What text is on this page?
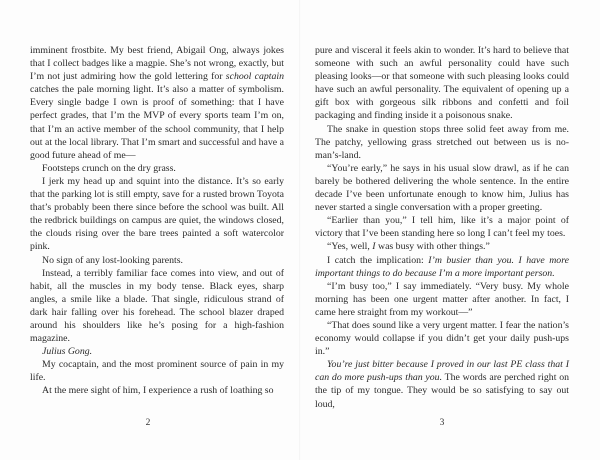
imminent frostbite. My best friend, Abigail Ong, always jokes that I collect badges like a magpie. She’s not wrong, exactly, but I’m not just admiring how the gold lettering for school captain catches the pale morning light. It’s also a matter of symbolism. Every single badge I own is proof of something: that I have perfect grades, that I’m the MVP of every sports team I’m on, that I’m an active member of the school community, that I help out at the local library. That I’m smart and successful and have a good future ahead of me—

Footsteps crunch on the dry grass.

I jerk my head up and squint into the distance. It’s so early that the parking lot is still empty, save for a rusted brown Toyota that’s probably been there since before the school was built. All the redbrick buildings on campus are quiet, the windows closed, the clouds rising over the bare trees painted a soft watercolor pink.

No sign of any lost-looking parents.

Instead, a terribly familiar face comes into view, and out of habit, all the muscles in my body tense. Black eyes, sharp angles, a smile like a blade. That single, ridiculous strand of dark hair falling over his forehead. The school blazer draped around his shoulders like he’s posing for a high-fashion magazine.

Julius Gong.

My cocaptain, and the most prominent source of pain in my life.

At the mere sight of him, I experience a rush of loathing so

2

pure and visceral it feels akin to wonder. It’s hard to believe that someone with such an awful personality could have such pleasing looks—or that someone with such pleasing looks could have such an awful personality. The equivalent of opening up a gift box with gorgeous silk ribbons and confetti and foil packaging and finding inside it a poisonous snake.

The snake in question stops three solid feet away from me. The patchy, yellowing grass stretched out between us is no-man’s-land.

“You’re early,” he says in his usual slow drawl, as if he can barely be bothered delivering the whole sentence. In the entire decade I’ve been unfortunate enough to know him, Julius has never started a single conversation with a proper greeting.

“Earlier than you,” I tell him, like it’s a major point of victory that I’ve been standing here so long I can’t feel my toes.

“Yes, well, I was busy with other things.”

I catch the implication: I’m busier than you. I have more important things to do because I’m a more important person.

“I’m busy too,” I say immediately. “Very busy. My whole morning has been one urgent matter after another. In fact, I came here straight from my workout—”

“That does sound like a very urgent matter. I fear the nation’s economy would collapse if you didn’t get your daily push-ups in.”

You’re just bitter because I proved in our last PE class that I can do more push-ups than you. The words are perched right on the tip of my tongue. They would be so satisfying to say out loud,

3
